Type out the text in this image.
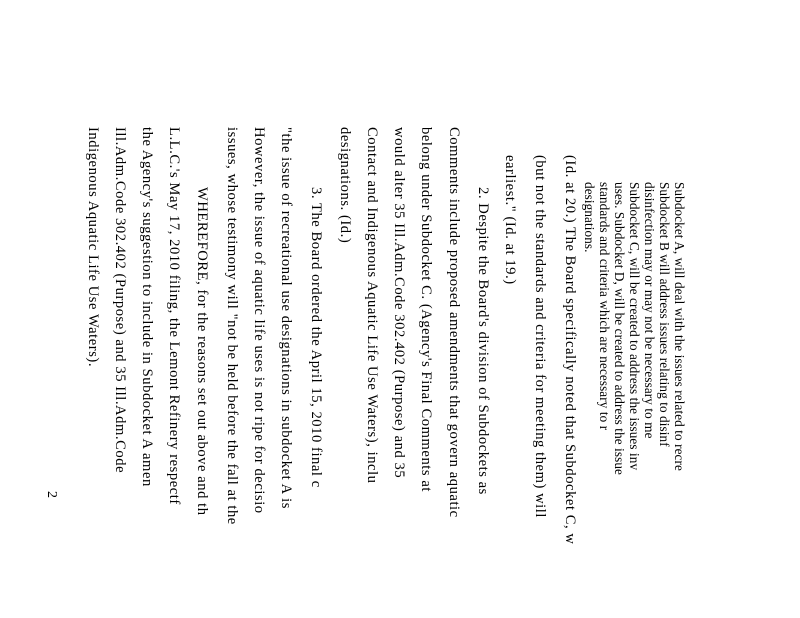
Subdocket A, will deal with the issues related to recre
Subdocket B will address issues relating to disinf
disinfection may or may not be necessary to me
Subdocket C, will be created to address the issues inv
uses. Subdocket D, will be created to address the issue
standards and criteria which are necessary to r
designations.
(Id. at 20.) The Board specifically noted that Subdocket C, w
(but not the standards and criteria for meeting them) will
earliest." (Id. at 19.)
2. Despite the Board's division of Subdockets as
Comments include proposed amendments that govern aquatic
belong under Subdocket C. (Agency's Final Comments at
would alter 35 Ill.Adm.Code 302.402 (Purpose) and 35
Contact and Indigenous Aquatic Life Use Waters), inclu
designations. (Id.)
3. The Board ordered the April 15, 2010 final c
"the issue of recreational use designations in subdocket A is
However, the issue of aquatic life uses is not ripe for decisio
issues, whose testimony will "not be held before the fall at the
WHEREFORE, for the reasons set out above and th
L.L.C.'s May 17, 2010 filing, the Lemont Refinery respectf
the Agency's suggestion to include in Subdocket A amen
Ill.Adm.Code 302.402 (Purpose) and 35 Ill.Adm.Code
Indigenous Aquatic Life Use Waters).
2
